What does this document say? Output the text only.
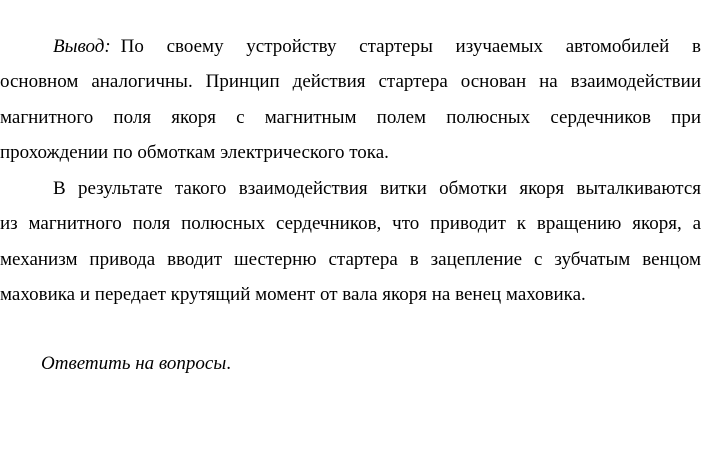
Вывод: По своему устройству стартеры изучаемых автомобилей в
основном аналогичны. Принцип действия стартера основан на взаимодействии
магнитного поля якоря с магнитным полем полюсных сердечников при
прохождении по обмоткам электрического тока.
В результате такого взаимодействия витки обмотки якоря выталкиваются
из магнитного поля полюсных сердечников, что приводит к вращению якоря, а
механизм привода вводит шестерню стартера в зацепление с зубчатым венцом
маховика и передает крутящий момент от вала якоря на венец маховика.
Ответить на вопросы.
